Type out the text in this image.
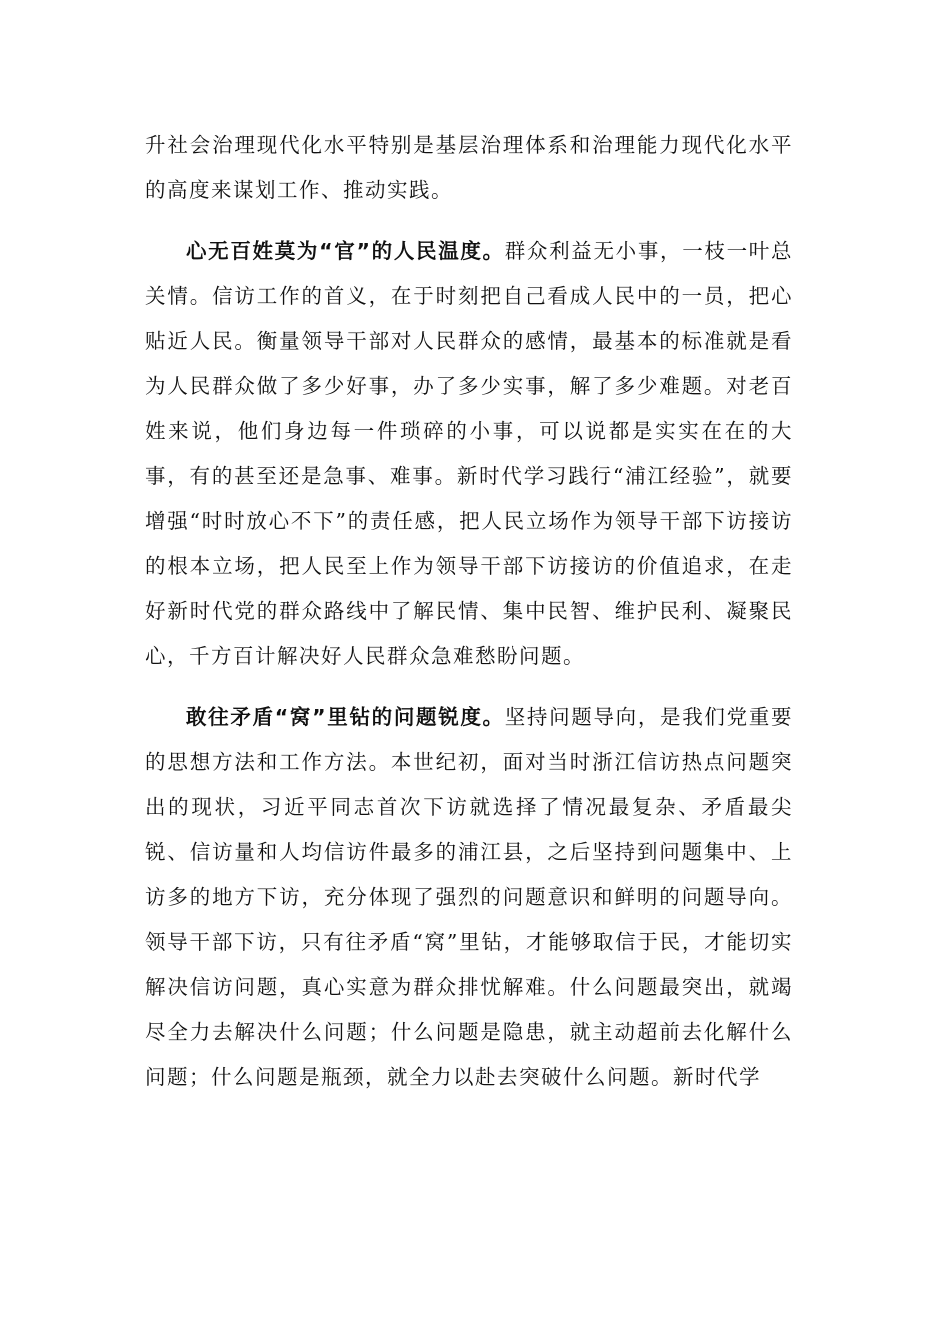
升社会治理现代化水平特别是基层治理体系和治理能力现代化水平的高度来谋划工作、推动实践。

心无百姓莫为“官”的人民温度。群众利益无小事，一枝一叶总关情。信访工作的首义，在于时刻把自己看成人民中的一员，把心贴近人民。衡量领导干部对人民群众的感情，最基本的标准就是看为人民群众做了多少好事，办了多少实事，解了多少难题。对老百姓来说，他们身边每一件琐碎的小事，可以说都是实实在在的大事，有的甚至还是急事、难事。新时代学习践行“浦江经验”，就要增强“时时放心不下”的责任感，把人民立场作为领导干部下访接访的根本立场，把人民至上作为领导干部下访接访的价值追求，在走好新时代党的群众路线中了解民情、集中民智、维护民利、凝聚民心，千方百计解决好人民群众急难愁盼问题。

敢往矛盾“窝”里钻的问题锐度。坚持问题导向，是我们党重要的思想方法和工作方法。本世纪初，面对当时浙江信访热点问题突出的现状，习近平同志首次下访就选择了情况最复杂、矛盾最尖锐、信访量和人均信访件最多的浦江县，之后坚持到问题集中、上访多的地方下访，充分体现了强烈的问题意识和鲜明的问题导向。领导干部下访，只有往矛盾“窝”里钻，才能够取信于民，才能切实解决信访问题，真心实意为群众排忧解难。什么问题最突出，就竭尽全力去解决什么问题；什么问题是隐患，就主动超前去化解什么问题；什么问题是瓶颈，就全力以赴去突破什么问题。新时代学
